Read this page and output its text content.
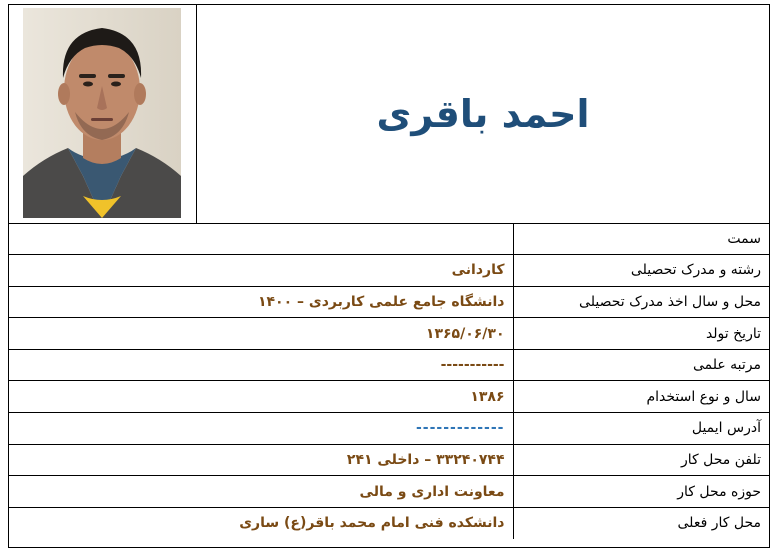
احمد باقری
سمت	
رشته و مدرک تحصیلی	کاردانی
محل و سال اخذ مدرک تحصیلی	دانشگاه جامع علمی کاربردی – ۱۴۰۰
تاریخ تولد	۱۳۶۵/۰۶/۳۰
مرتبه علمی	-----------
سال و نوع استخدام	۱۳۸۶
آدرس ایمیل	-------------
تلفن محل کار	۳۳۲۴۰۷۴۴ – داخلی ۲۴۱
حوزه محل کار	معاونت اداری و مالی
محل کار فعلی	دانشکده فنی امام محمد باقر(ع) ساری
